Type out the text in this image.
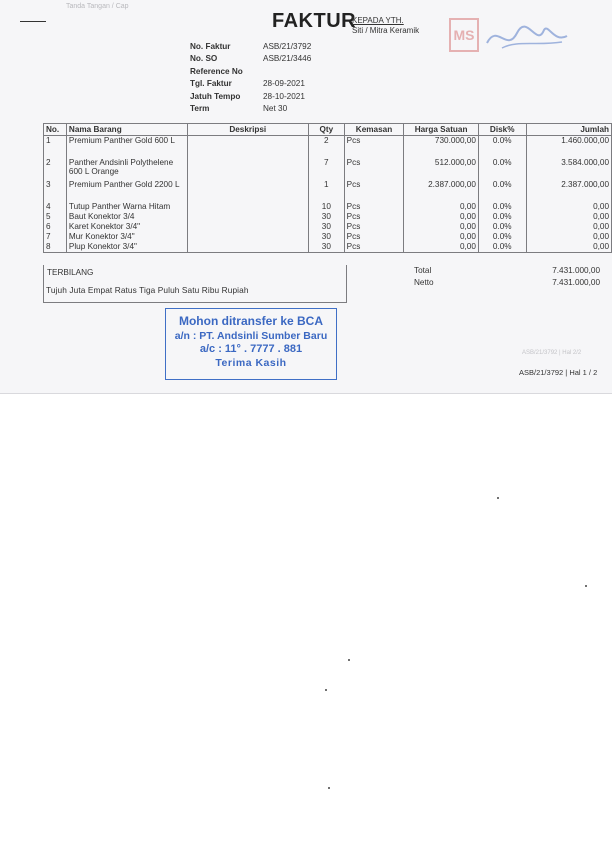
Tanda Tangan / Cap
FAKTUR
KEPADA YTH.
Siti / Mitra Keramik	MS
No. Faktur	ASB/21/3792
No. SO	ASB/21/3446
Reference No
Tgl. Faktur	28-09-2021
Jatuh Tempo	28-10-2021
Term	Net 30
No.	Nama Barang	Deskripsi	Qty	Kemasan	Harga Satuan	Disk%	Jumlah
1	Premium Panther Gold 600 L		2	Pcs	730.000,00	0.0%	1.460.000,00
2	Panther Andsinli Polythelene 600 L Orange		7	Pcs	512.000,00	0.0%	3.584.000,00
3	Premium Panther Gold 2200 L		1	Pcs	2.387.000,00	0.0%	2.387.000,00
4	Tutup Panther Warna Hitam		10	Pcs	0,00	0.0%	0,00
5	Baut Konektor 3/4		30	Pcs	0,00	0.0%	0,00
6	Karet Konektor 3/4"		30	Pcs	0,00	0.0%	0,00
7	Mur Konektor 3/4"		30	Pcs	0,00	0.0%	0,00
8	Plup Konektor 3/4"		30	Pcs	0,00	0.0%	0,00
TERBILANG
Tujuh Juta Empat Ratus Tiga Puluh Satu Ribu Rupiah
Total	7.431.000,00
Netto	7.431.000,00
Mohon ditransfer ke BCA
a/n : PT. Andsinli Sumber Baru
a/c : 11° . 7777 . 881
Terima Kasih
ASB/21/3792 | Hal 2/2
ASB/21/3792 | Hal 1 / 2
